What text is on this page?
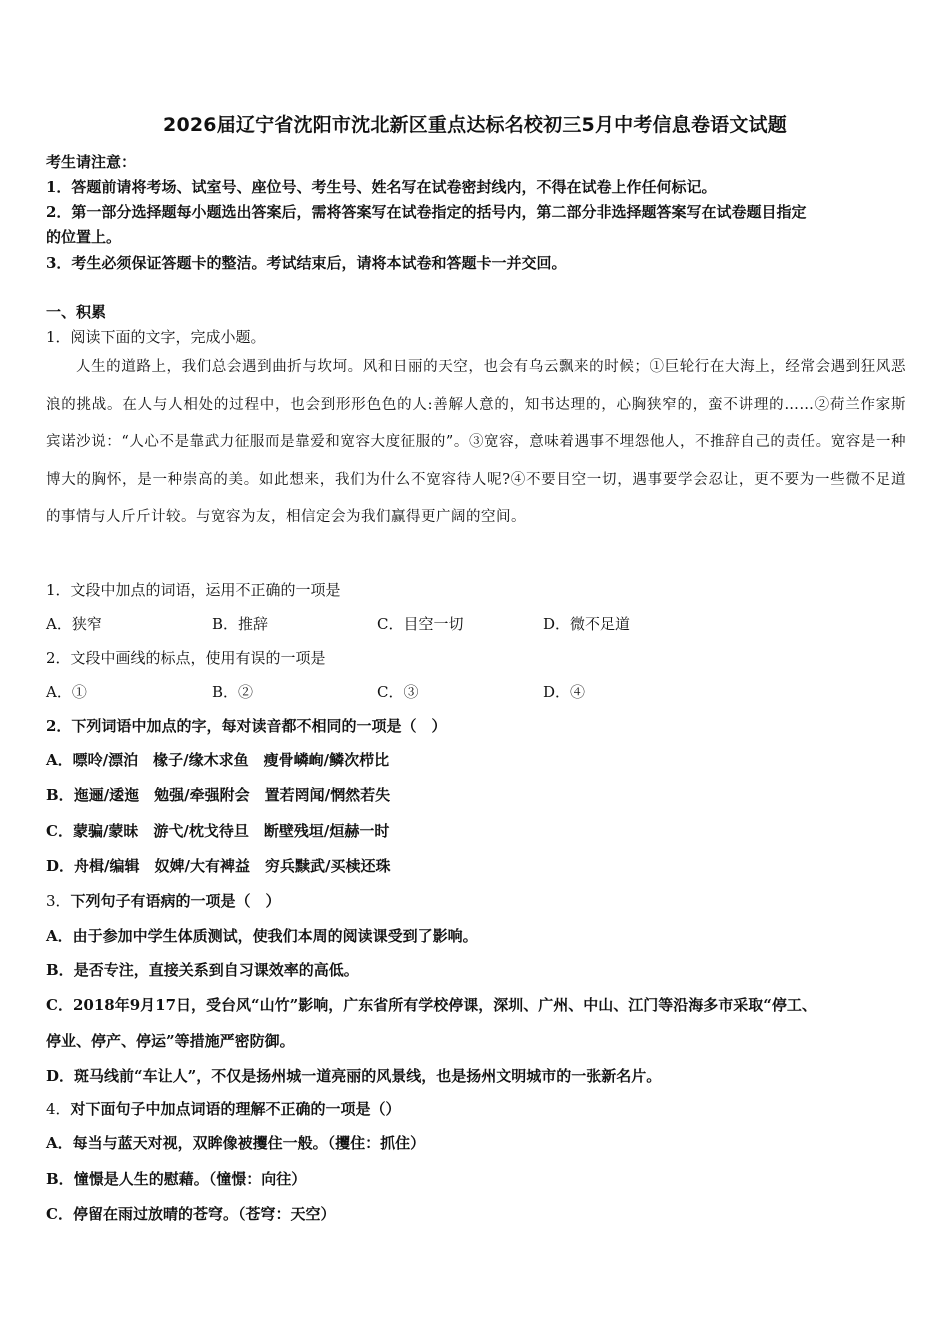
2026届辽宁省沈阳市沈北新区重点达标名校初三5月中考信息卷语文试题
考生请注意：
1．答题前请将考场、试室号、座位号、考生号、姓名写在试卷密封线内，不得在试卷上作任何标记。
2．第一部分选择题每小题选出答案后，需将答案写在试卷指定的括号内，第二部分非选择题答案写在试卷题目指定
的位置上。
3．考生必须保证答题卡的整洁。考试结束后，请将本试卷和答题卡一并交回。
一、积累
1．阅读下面的文字，完成小题。
人生的道路上，我们总会遇到曲折与坎坷。风和日丽的天空，也会有乌云飘来的时候；①巨轮行在大海上，经常会遇到狂风恶浪的挑战。在人与人相处的过程中，也会到形形色色的人:善解人意的，知书达理的，心胸狭窄的，蛮不讲理的……②荷兰作家斯宾诺沙说：“人心不是靠武力征服而是靠爱和宽容大度征服的”。③宽容，意味着遇事不埋怨他人，不推辞自己的责任。宽容是一种博大的胸怀，是一种崇高的美。如此想来，我们为什么不宽容待人呢?④不要目空一切，遇事要学会忍让，更不要为一些微不足道的事情与人斤斤计较。与宽容为友，相信定会为我们赢得更广阔的空间。
1．文段中加点的词语，运用不正确的一项是
A．狭窄	B．推辞	C．目空一切	D．微不足道
2．文段中画线的标点，使用有误的一项是
A．①	B．②	C．③	D．④
2．下列词语中加点的字，每对读音都不相同的一项是（　）
A．嘌呤/漂泊　椽子/缘木求鱼　瘦骨嶙峋/鳞次栉比
B．迤逦/逶迤　勉强/牵强附会　置若罔闻/惘然若失
C．蒙骗/蒙昧　游弋/枕戈待旦　断壁残垣/烜赫一时
D．舟楫/编辑　奴婢/大有裨益　穷兵黩武/买椟还珠
3．下列句子有语病的一项是（　）
A．由于参加中学生体质测试，使我们本周的阅读课受到了影响。
B．是否专注，直接关系到自习课效率的高低。
C．2018年9月17日，受台风“山竹”影响，广东省所有学校停课，深圳、广州、中山、江门等沿海多市采取“停工、
停业、停产、停运”等措施严密防御。
D．斑马线前“车让人”，不仅是扬州城一道亮丽的风景线，也是扬州文明城市的一张新名片。
4．对下面句子中加点词语的理解不正确的一项是（）
A．每当与蓝天对视，双眸像被攫住一般。（攫住：抓住）
B．憧憬是人生的慰藉。（憧憬：向往）
C．停留在雨过放晴的苍穹。（苍穹：天空）
